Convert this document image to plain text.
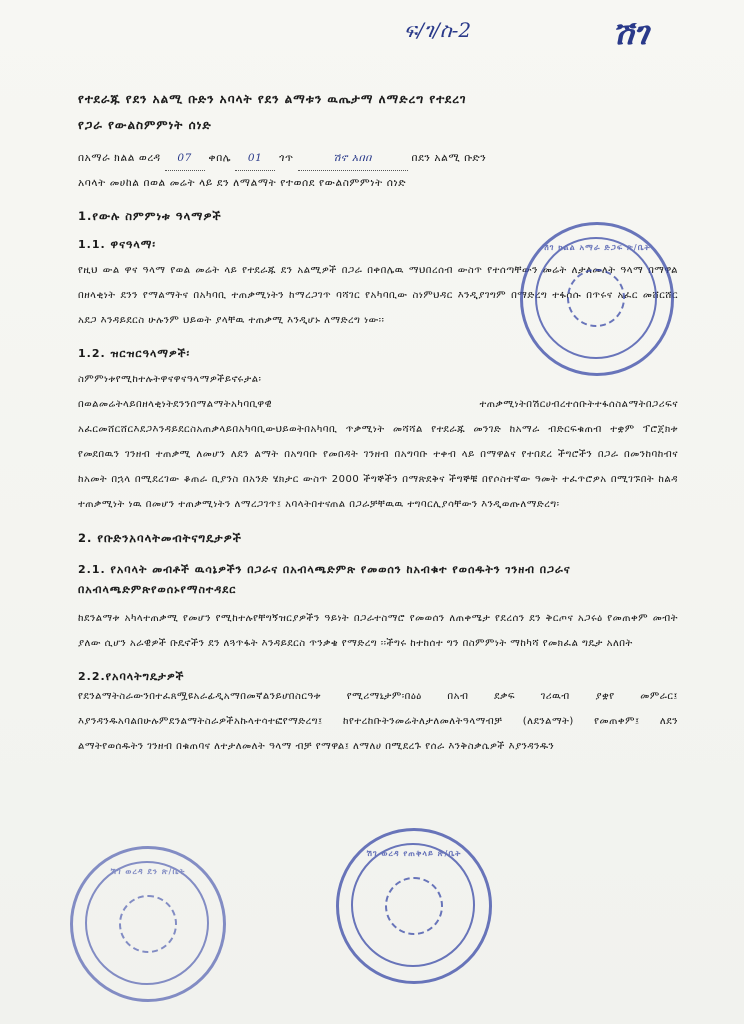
ፍ/ገ/ስ-2	ሽገ
የተደራጁ የደን አልሚ ቡድን አባላት የደን ልማቱን ዉጤታማ ለማድረግ የተደረገ
የጋራ የውልስምምነት ሰነድ
በአማራ ክልል ወረዳ 07 ቀበሌ 01 ጎጥ	ሽኖ አበበ	በደን አልሚ ቡድን
አባላት መሀከል በወል መሬት ላይ ደን ለማልማት የተወሰደ የውልስምምነት ሰነድ
1.የውሉ ስምምነቱ ዓላማዎች
1.1. ዋናዓላማ፡
የዚህ ውል ዋና ዓላማ የወል መሬት ላይ የተደራጁ ደን አልሚዎች በጋራ በቀበሌዉ ማህበረሰብ ውስጥ የተሰጣቸውን መሬት ለታለመለት ዓላማ በማዋል በዘላቂነት ደንን የማልማትና በአካባቢ ተጠቃሚነትን ከማረጋገጥ ባሻገር የአካባቢው ስነምህዳር እንዲያገግም በማድረግ ተፋሰሱ በጥሩና አፈር መሸርሸር አደጋ እንዳይደርስ ሁሉንም ህይወት ያላቸዉ ተጠቃሚ እንዲሆኑ ለማድረግ ነው፡፡
1.2. ዝርዝርዓላማዎች፡
ስምምነቱየሚከተሉትዋናዋናዓላማዎችይኖሩታል፡
በወልመሬትላይበዘላቂነትደንንበማልማትአካባቢዋዊ ተጠቃሚነትበሽርሀብረተሰቡትተፋሰስልማትበጋሪፍና አፈርመሸርሸርእደጋእንዳይደርስአጠቃላይበአካባቢውህይወትበአካባቢ ጥቃሚነት መሻሻል የተደራጁ መንገድ ከአማራ ብድርፍቁጠብ ተቋም ፕሮጀክቱ የመደበዉን ገንዘብ ተጠቃሚ ለመሆን ለደን ልማት በአግባቡ የመበዳት ገንዘብ በአግባቡ ተቀብ ላይ በማዋልና የተበደረ ችግሮችን በጋራ በመንከባከብና ከአመት በኋላ በሚደረገው ቆጠራ ቢያንስ በአንድ ሄክታር ውስጥ 2000 ችግኞችን በማጽደቅና ችግኞቹ በየሶስተኛው ዓመት ተፈጥሮዎአ በሚገኙበት ከልዳ ተጠቃሚነት ነዉ በመሆን ተጠቃሚነትን ለማረጋገጥ፤ አባላትበተናጠል በጋራቻቸዉዉ ተግባርሊያሳቸውን እንዲወጡለማድረግ፡
2. የቡድንአባላትመብትናግዴታዎች
2.1. የአባላት መብቶች ዉሳኔዎችን በጋራና በአብላጫድምጽ የመወሰን ከአብቁተ የወሰዱትን ገንዘብ በጋራና በአብላጫድምጽየወሰኑየማስተዳደር
ከደንልማቱ አካላተጠቃሚ የመሆን የሚከተሉየቸግኝዝርያዎችን ዓይነት በጋራተስማሮ የመወሰን ለጠቀሜታ የደረሰን ደን ቅርጦና አጋሩዕ የመጠቀም መብት ያለው ሲሆን አራዊዎች ቡዴኖችን ደን ለጓጥፋት እንዳይደርስ ጥንቃቄ የማድረግ ፡፡ችግሩ ከተከሰተ ግን በስምምነት ማከካሻ የመክፈል ግዴታ አለበት
2.2.የአባላትግዴታዎች
የደንልማትስራውንበተፈጸሟዩአራፊዲአማበመኛልንይሆበስርዓቱ የሚሪማኒታም፡በዕዕ በአብ ደቃፍ ገሪዉብ ያቋየ መምራር፤ እያንዳንዱአባልበሁሉምደንልማትስራዎችአኩላተሳተፎየማድረግ፤ ከየተረከቡትንመሬትለታለመለትዓላማብቻ (ለደንልማት) የመጠቀም፤ ለደን ልማትየወሰዱትን ገንዘብ በቁጠባና ለተታለመለት ዓላማ ብቻ የማዋል፤ ለማለሀ በሚደረጉ የሰራ እንቅስቃሴዎች እያንዳንዱን
ሽገ ክልል አማራ ድጋፍ ጽ/ቤት
ሽገ ወረዳ የጠቅላይ ጽ/ቤት
ሽገ ወረዳ ደን ጽ/ቤት
